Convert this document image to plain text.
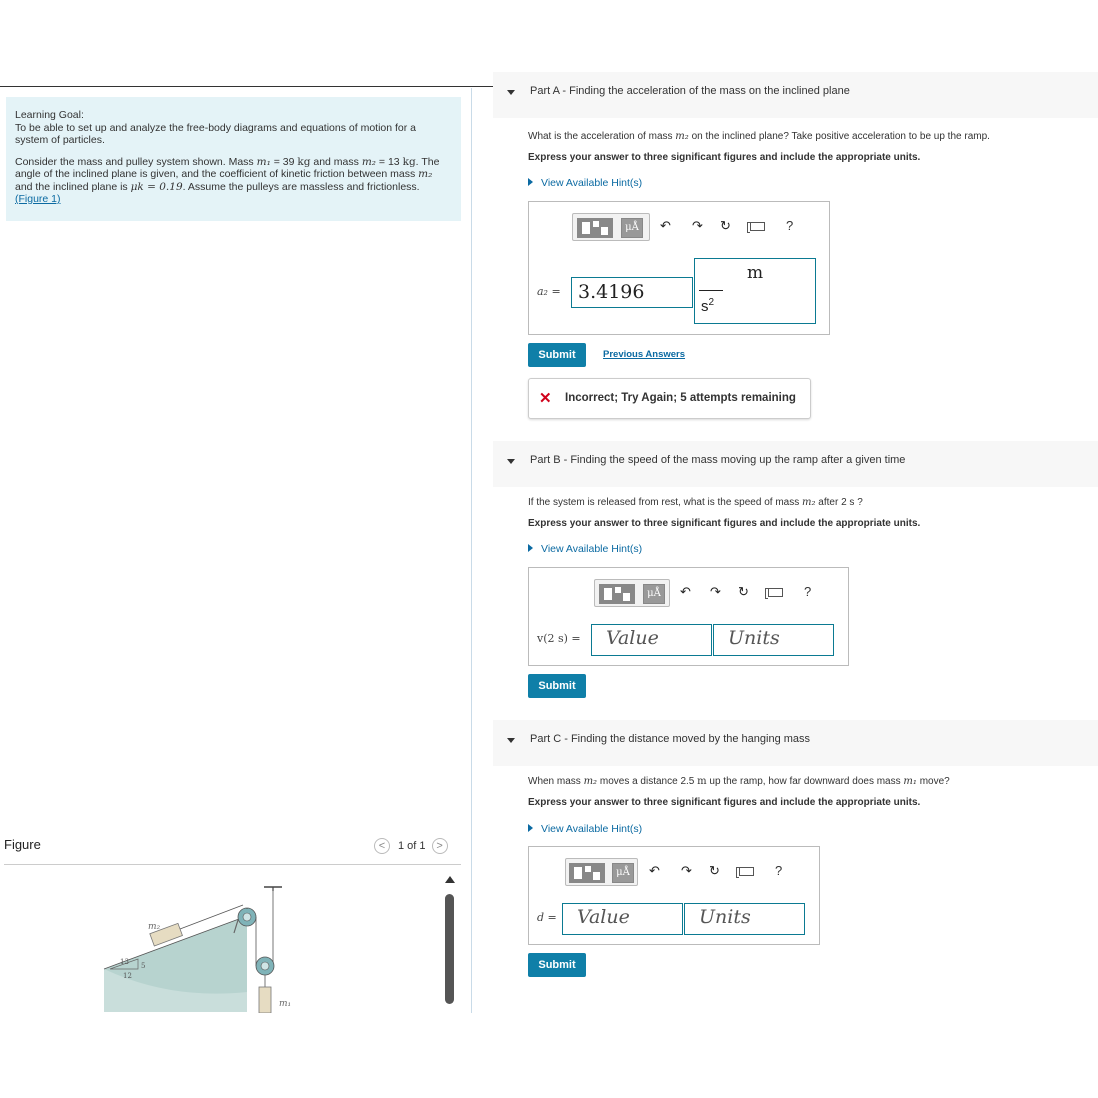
Learning Goal:

To be able to set up and analyze the free-body diagrams and equations of motion for a system of particles.

Consider the mass and pulley system shown. Mass m₁ = 39 kg and mass m₂ = 13 kg. The angle of the inclined plane is given, and the coefficient of kinetic friction between mass m₂ and the inclined plane is μk = 0.19. Assume the pulleys are massless and frictionless. (Figure 1)

Figure	< 1 of 1 >
13 5
12
m₂
m₁
Part A - Finding the acceleration of the mass on the inclined plane
What is the acceleration of mass m₂ on the inclined plane? Take positive acceleration to be up the ramp.
Express your answer to three significant figures and include the appropriate units.
View Available Hint(s)
μÅ	↶ ↷ ↻	?
a₂ = 3.4196
m
$s^2$
Submit	Previous Answers
✕ Incorrect; Try Again; 5 attempts remaining
Part B - Finding the speed of the mass moving up the ramp after a given time
If the system is released from rest, what is the speed of mass m₂ after 2 s ?
Express your answer to three significant figures and include the appropriate units.
View Available Hint(s)
μÅ	↶ ↷ ↻	?
v(2 s) = Value	Units
Submit
Part C - Finding the distance moved by the hanging mass
When mass m₂ moves a distance 2.5 m up the ramp, how far downward does mass m₁ move?
Express your answer to three significant figures and include the appropriate units.
View Available Hint(s)
μÅ	↶ ↷ ↻	?
d = Value	Units
Submit
